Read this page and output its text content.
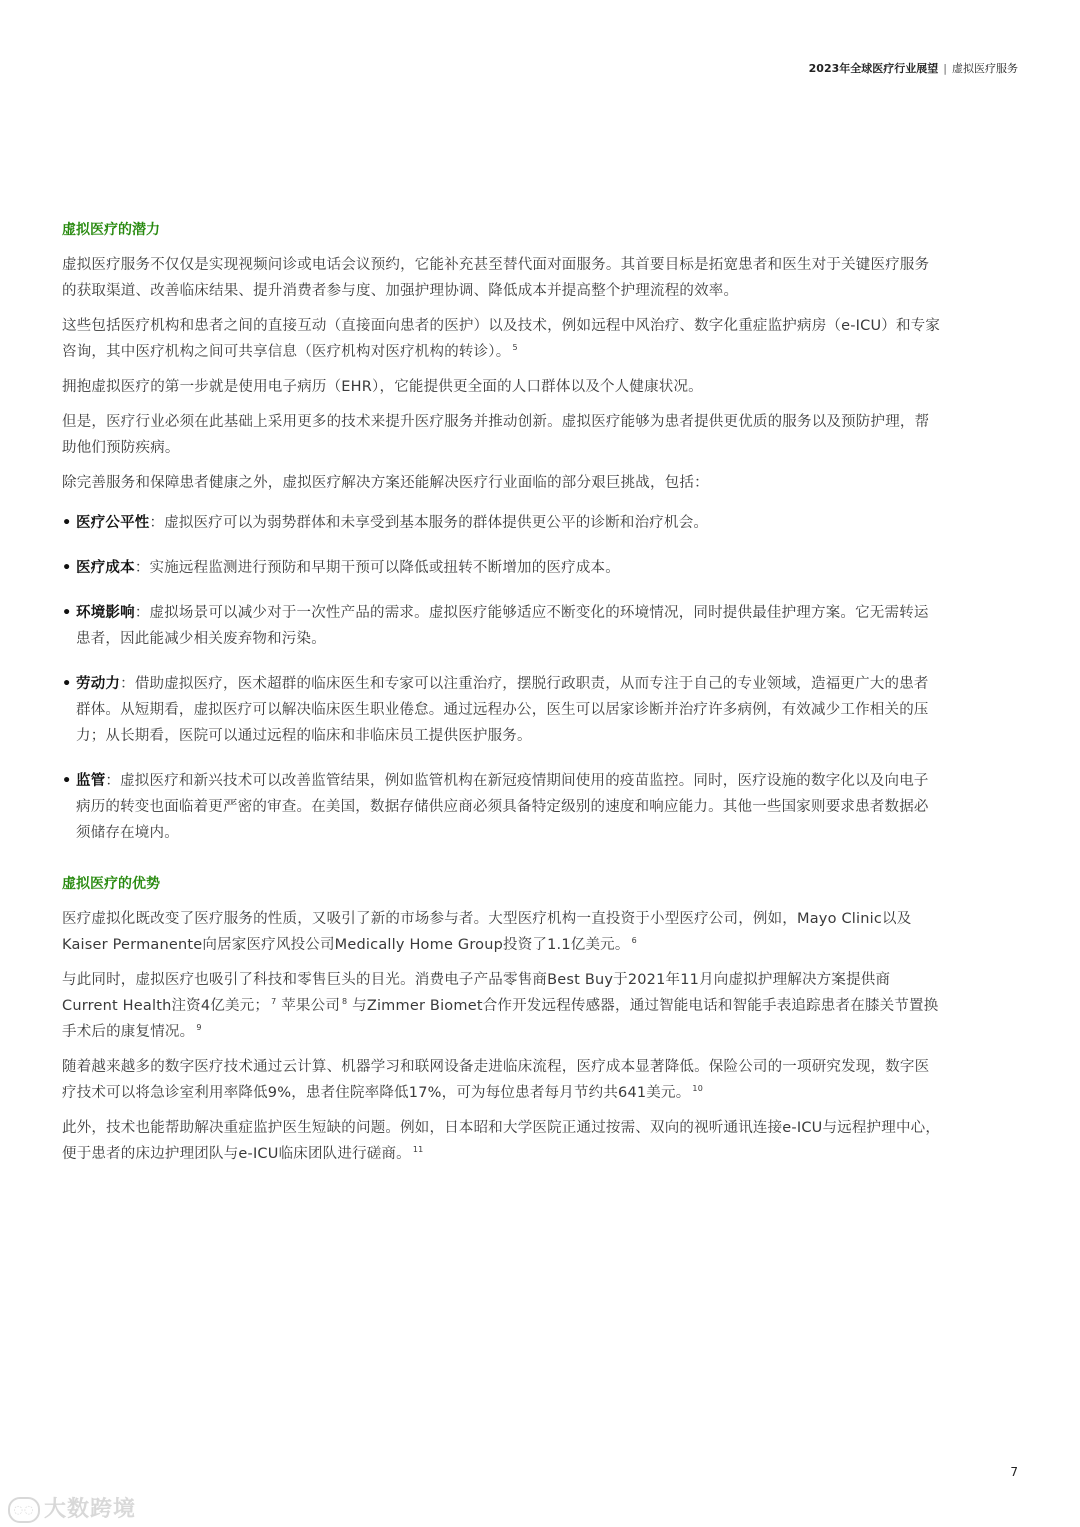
2023年全球医疗行业展望 | 虚拟医疗服务
虚拟医疗的潜力

虚拟医疗服务不仅仅是实现视频问诊或电话会议预约，它能补充甚至替代面对面服务。其首要目标是拓宽患者和医生对于关键医疗服务的获取渠道、改善临床结果、提升消费者参与度、加强护理协调、降低成本并提高整个护理流程的效率。

这些包括医疗机构和患者之间的直接互动（直接面向患者的医护）以及技术，例如远程中风治疗、数字化重症监护病房（e-ICU）和专家咨询，其中医疗机构之间可共享信息（医疗机构对医疗机构的转诊）。 $^5$

拥抱虚拟医疗的第一步就是使用电子病历（EHR），它能提供更全面的人口群体以及个人健康状况。

但是，医疗行业必须在此基础上采用更多的技术来提升医疗服务并推动创新。虚拟医疗能够为患者提供更优质的服务以及预防护理，帮助他们预防疾病。

除完善服务和保障患者健康之外，虚拟医疗解决方案还能解决医疗行业面临的部分艰巨挑战，包括：

• 医疗公平性：虚拟医疗可以为弱势群体和未享受到基本服务的群体提供更公平的诊断和治疗机会。
• 医疗成本：实施远程监测进行预防和早期干预可以降低或扭转不断增加的医疗成本。
• 环境影响：虚拟场景可以减少对于一次性产品的需求。虚拟医疗能够适应不断变化的环境情况，同时提供最佳护理方案。它无需转运患者，因此能减少相关废弃物和污染。
• 劳动力：借助虚拟医疗，医术超群的临床医生和专家可以注重治疗，摆脱行政职责，从而专注于自己的专业领域，造福更广大的患者群体。从短期看，虚拟医疗可以解决临床医生职业倦怠。通过远程办公，医生可以居家诊断并治疗许多病例，有效减少工作相关的压力；从长期看，医院可以通过远程的临床和非临床员工提供医护服务。
• 监管：虚拟医疗和新兴技术可以改善监管结果，例如监管机构在新冠疫情期间使用的疫苗监控。同时，医疗设施的数字化以及向电子病历的转变也面临着更严密的审查。在美国，数据存储供应商必须具备特定级别的速度和响应能力。其他一些国家则要求患者数据必须储存在境内。
虚拟医疗的优势

医疗虚拟化既改变了医疗服务的性质，又吸引了新的市场参与者。大型医疗机构一直投资于小型医疗公司，例如，Mayo Clinic以及Kaiser Permanente向居家医疗风投公司Medically Home Group投资了1.1亿美元。 $^6$

与此同时，虚拟医疗也吸引了科技和零售巨头的目光。消费电子产品零售商Best Buy于2021年11月向虚拟护理解决方案提供商Current Health注资4亿美元； $^7$ 苹果公司 $^8$ 与Zimmer Biomet合作开发远程传感器，通过智能电话和智能手表追踪患者在膝关节置换手术后的康复情况。 $^9$

随着越来越多的数字医疗技术通过云计算、机器学习和联网设备走进临床流程，医疗成本显著降低。保险公司的一项研究发现，数字医疗技术可以将急诊室利用率降低9%，患者住院率降低17%，可为每位患者每月节约共641美元。 $^{10}$

此外，技术也能帮助解决重症监护医生短缺的问题。例如，日本昭和大学医院正通过按需、双向的视听通讯连接e-ICU与远程护理中心，便于患者的床边护理团队与e-ICU临床团队进行磋商。 $^{11}$

7
◌◌ 大数跨境
